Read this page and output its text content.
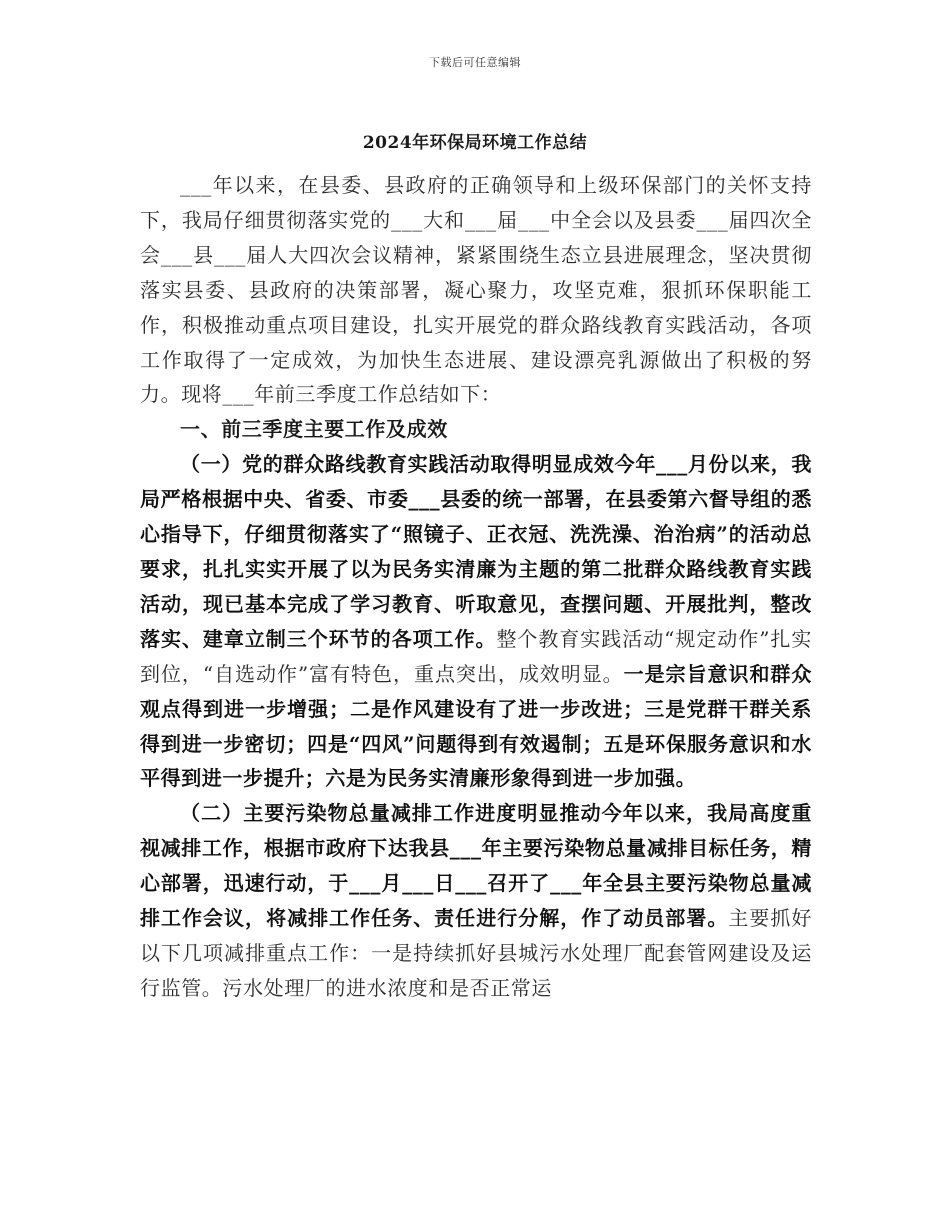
下载后可任意编辑
2024年环保局环境工作总结

___年以来，在县委、县政府的正确领导和上级环保部门的关怀支持下，我局仔细贯彻落实党的___大和___届___中全会以及县委___届四次全会___县___届人大四次会议精神，紧紧围绕生态立县进展理念，坚决贯彻落实县委、县政府的决策部署，凝心聚力，攻坚克难，狠抓环保职能工作，积极推动重点项目建设，扎实开展党的群众路线教育实践活动，各项工作取得了一定成效，为加快生态进展、建设漂亮乳源做出了积极的努力。现将___年前三季度工作总结如下：

一、前三季度主要工作及成效

（一）党的群众路线教育实践活动取得明显成效今年___月份以来，我局严格根据中央、省委、市委___县委的统一部署，在县委第六督导组的悉心指导下，仔细贯彻落实了“照镜子、正衣冠、洗洗澡、治治病”的活动总要求，扎扎实实开展了以为民务实清廉为主题的第二批群众路线教育实践活动，现已基本完成了学习教育、听取意见，查摆问题、开展批判，整改落实、建章立制三个环节的各项工作。整个教育实践活动“规定动作”扎实到位，“自选动作”富有特色，重点突出，成效明显。一是宗旨意识和群众观点得到进一步增强；二是作风建设有了进一步改进；三是党群干群关系得到进一步密切；四是“四风”问题得到有效遏制；五是环保服务意识和水平得到进一步提升；六是为民务实清廉形象得到进一步加强。

（二）主要污染物总量减排工作进度明显推动今年以来，我局高度重视减排工作，根据市政府下达我县___年主要污染物总量减排目标任务，精心部署，迅速行动，于___月___日___召开了___年全县主要污染物总量减排工作会议，将减排工作任务、责任进行分解，作了动员部署。主要抓好以下几项减排重点工作：一是持续抓好县城污水处理厂配套管网建设及运行监管。污水处理厂的进水浓度和是否正常运
